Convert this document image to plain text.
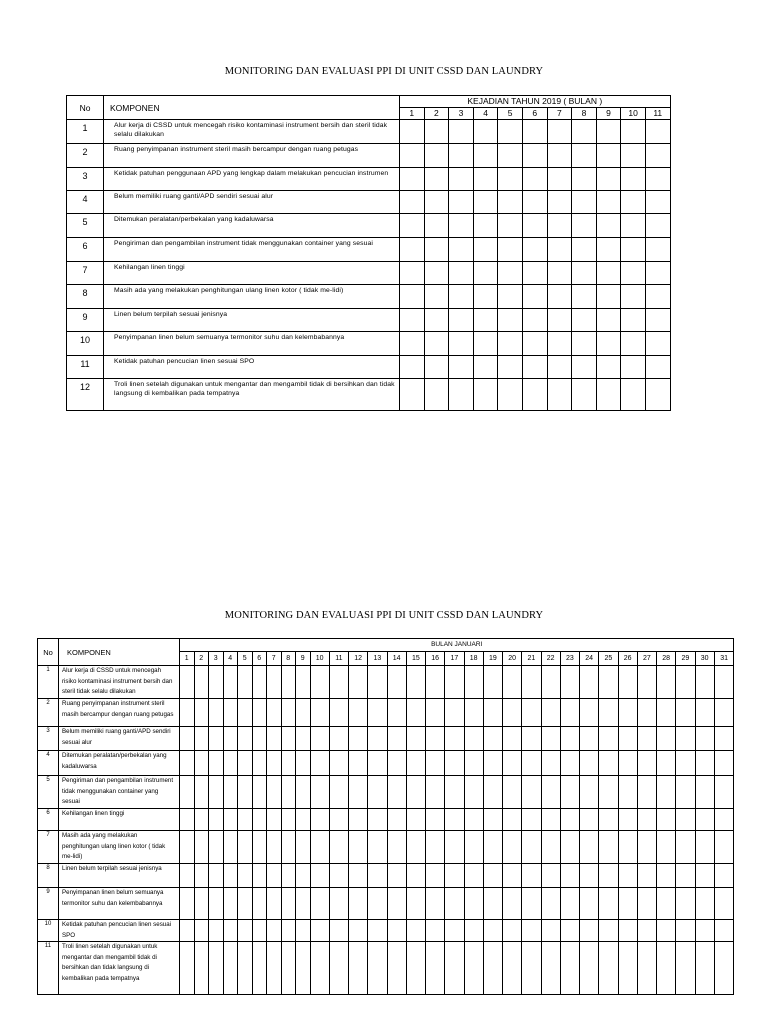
MONITORING DAN EVALUASI PPI DI UNIT CSSD DAN LAUNDRY
No	KOMPONEN	KEJADIAN TAHUN 2019 ( BULAN )										
		1	2	3	4	5	6	7	8	9	10	11
1	Alur kerja di CSSD untuk mencegah risiko kontaminasi instrument bersih dan steril tidak selalu dilakukan											
2	Ruang penyimpanan instrument steril masih bercampur dengan ruang petugas											
3	Ketidak patuhan penggunaan APD yang lengkap dalam melakukan pencucian instrumen											
4	Belum memiliki ruang ganti/APD sendiri sesuai alur											
5	Ditemukan peralatan/perbekalan yang kadaluwarsa											
6	Pengiriman dan pengambilan instrument tidak menggunakan container yang sesuai											
7	Kehilangan linen tinggi											
8	Masih ada yang melakukan penghitungan ulang linen kotor ( tidak me-lidi)											
9	Linen belum terpilah sesuai jenisnya											
10	Penyimpanan linen belum semuanya termonitor suhu dan kelembabannya											
11	Ketidak patuhan pencucian linen sesuai SPO											
12	Troli linen setelah digunakan untuk mengantar dan mengambil tidak di bersihkan dan tidak langsung di kembalikan pada tempatnya											
MONITORING DAN EVALUASI PPI DI UNIT CSSD DAN LAUNDRY
No	KOMPONEN	BULAN JANUARI																														
		1	2	3	4	5	6	7	8	9	10	11	12	13	14	15	16	17	18	19	20	21	22	23	24	25	26	27	28	29	30	31
1	Alur kerja di CSSD untuk mencegah risiko kontaminasi instrument bersih dan steril tidak selalu dilakukan																															
2	Ruang penyimpanan instrument steril masih bercampur dengan ruang petugas																															
3	Belum memiliki ruang ganti/APD sendiri sesuai alur																															
4	Ditemukan peralatan/perbekalan yang kadaluwarsa																															
5	Pengiriman dan pengambilan instrument tidak menggunakan container yang sesuai																															
6	Kehilangan linen tinggi																															
7	Masih ada yang melakukan penghitungan ulang linen kotor ( tidak me-lidi)																															
8	Linen belum terpilah sesuai jenisnya																															
9	Penyimpanan linen belum semuanya termonitor suhu dan kelembabannya																															
10	Ketidak patuhan pencucian linen sesuai SPO																															
11	Troli linen setelah digunakan untuk mengantar dan mengambil tidak di bersihkan dan tidak langsung di kembalikan pada tempatnya																															
